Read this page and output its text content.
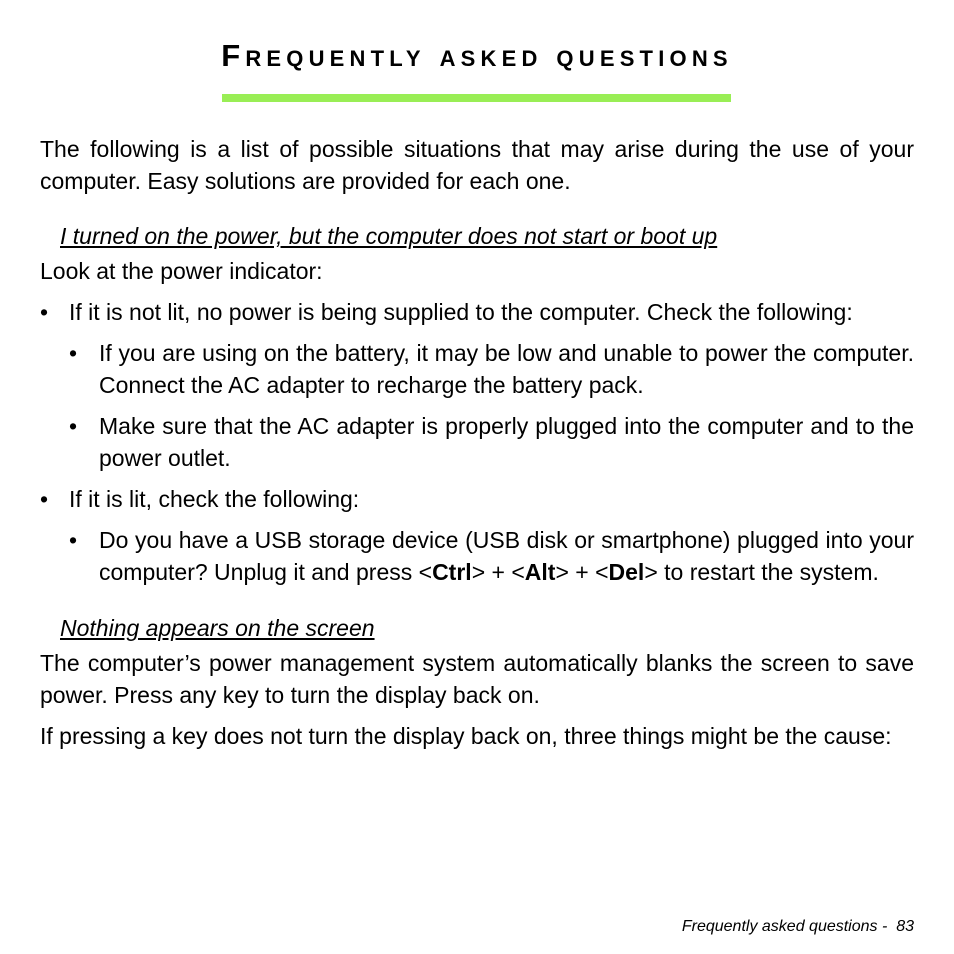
Frequently asked questions

The following is a list of possible situations that may arise during the use of your computer. Easy solutions are provided for each one.

I turned on the power, but the computer does not start or boot up

Look at the power indicator:

• If it is not lit, no power is being supplied to the computer. Check the following:
• If you are using on the battery, it may be low and unable to power the computer. Connect the AC adapter to recharge the battery pack.
• Make sure that the AC adapter is properly plugged into the computer and to the power outlet.
• If it is lit, check the following:
• Do you have a USB storage device (USB disk or smartphone) plugged into your computer? Unplug it and press <Ctrl> + <Alt> + <Del> to restart the system.
Nothing appears on the screen

The computer’s power management system automatically blanks the screen to save power. Press any key to turn the display back on.

If pressing a key does not turn the display back on, three things might be the cause:

Frequently asked questions -  83
